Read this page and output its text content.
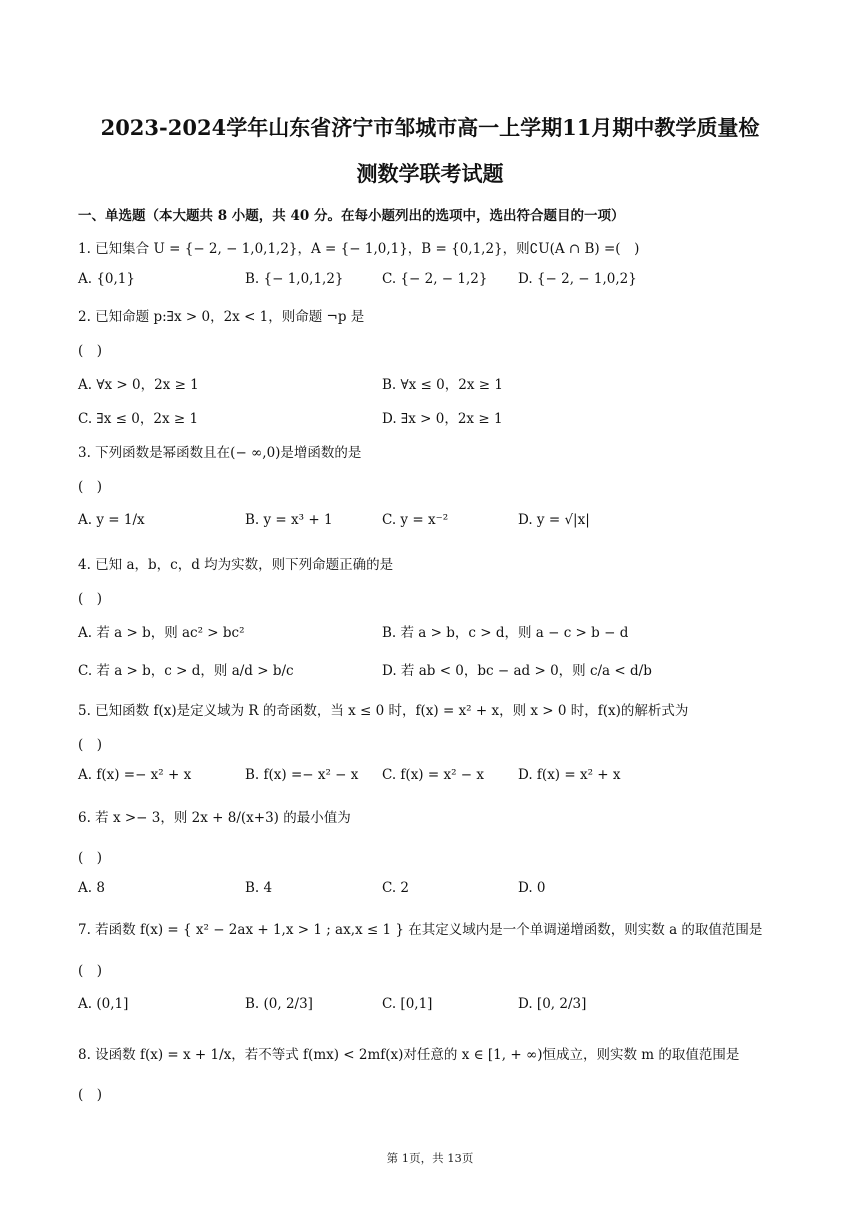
2023-2024学年山东省济宁市邹城市高一上学期11月期中教学质量检
测数学联考试题
一、单选题（本大题共 8 小题，共 40 分。在每小题列出的选项中，选出符合题目的一项）
1. 已知集合 U = {− 2, − 1,0,1,2}，A = {− 1,0,1}，B = {0,1,2}，则∁U(A ∩ B) =(　)
A. {0,1}	B. {− 1,0,1,2}	C. {− 2, − 1,2} D. {− 2, − 1,0,2}
2. 已知命题 p:∃x > 0，2x < 1，则命题 ¬p 是
(　)
A. ∀x > 0，2x ≥ 1	B. ∀x ≤ 0，2x ≥ 1
C. ∃x ≤ 0，2x ≥ 1	D. ∃x > 0，2x ≥ 1
3. 下列函数是幂函数且在(− ∞,0)是增函数的是
(　)
A. y = 1/x	B. y = x³ + 1	C. y = x⁻²	D. y = √|x|
4. 已知 a，b，c，d 均为实数，则下列命题正确的是
(　)
A. 若 a > b，则 ac² > bc²	B. 若 a > b，c > d，则 a − c > b − d
C. 若 a > b，c > d，则 a/d > b/c	D. 若 ab < 0，bc − ad > 0，则 c/a < d/b
5. 已知函数 f(x)是定义域为 R 的奇函数，当 x ≤ 0 时，f(x) = x² + x，则 x > 0 时，f(x)的解析式为
(　)
A. f(x) =− x² + x	B. f(x) =− x² − x C. f(x) = x² − x	D. f(x) = x² + x
6. 若 x >− 3，则 2x + 8/(x+3) 的最小值为
(　)
A. 8	B. 4	C. 2	D. 0
7. 若函数 f(x) = { x² − 2ax + 1,x > 1 ; ax,x ≤ 1 } 在其定义域内是一个单调递增函数，则实数 a 的取值范围是
(　)
A. (0,1]	B. (0, 2/3]	C. [0,1]	D. [0, 2/3]
8. 设函数 f(x) = x + 1/x，若不等式 f(mx) < 2mf(x)对任意的 x ∈ [1, + ∞)恒成立，则实数 m 的取值范围是
(　)
第 1页，共 13页
